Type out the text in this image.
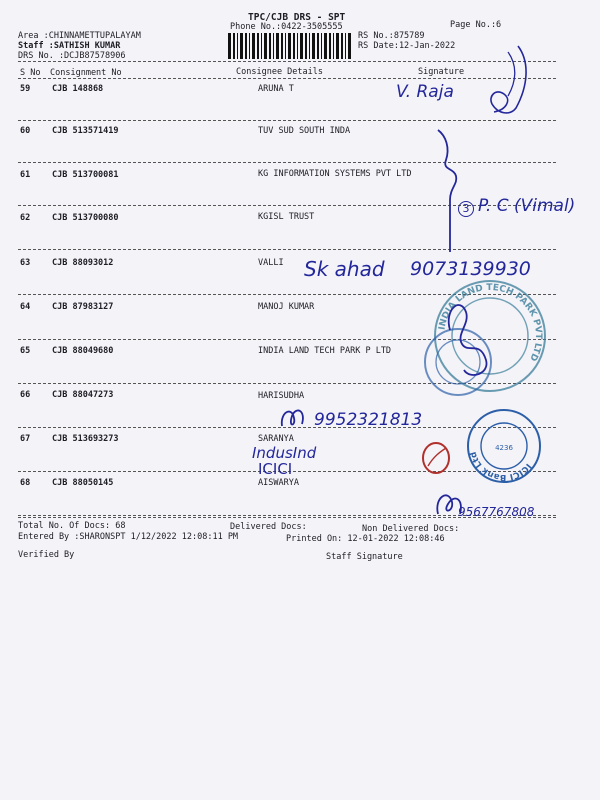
TPC/CJB DRS - SPT
Phone No.:0422-3505555	Page No.:6
Area :CHINNAMETTUPALAYAM
Staff :SATHISH KUMAR
DRS No. :DCJB87578906
RS No.:875789
RS Date:12-Jan-2022
S No Consignment No	Consignee Details	Signature
59	CJB 148868	ARUNA T
60	CJB 513571419	TUV SUD SOUTH INDA
61	CJB 513700081	KG INFORMATION SYSTEMS PVT LTD
62	CJB 513700080	KGISL TRUST
63	CJB 88093012	VALLI
64	CJB 87983127	MANOJ KUMAR
65	CJB 88049680	INDIA LAND TECH PARK P LTD
66	CJB 88047273	HARISUDHA
67	CJB 513693273	SARANYA
68	CJB 88050145	AISWARYA
INDIA LAND TECH PARK PVT LTD
ICICI Bank Ltd
4236
V. Raja
3 P. C (Vimal)
Sk ahad 9073139930
9952321813
IndusInd
ICICI
9567767808
Total No. Of Docs: 68	Delivered Docs:	Non Delivered Docs:
Entered By :SHARONSPT 1/12/2022 12:08:11 PM	Printed On: 12-01-2022 12:08:46
Verified By	Staff Signature
